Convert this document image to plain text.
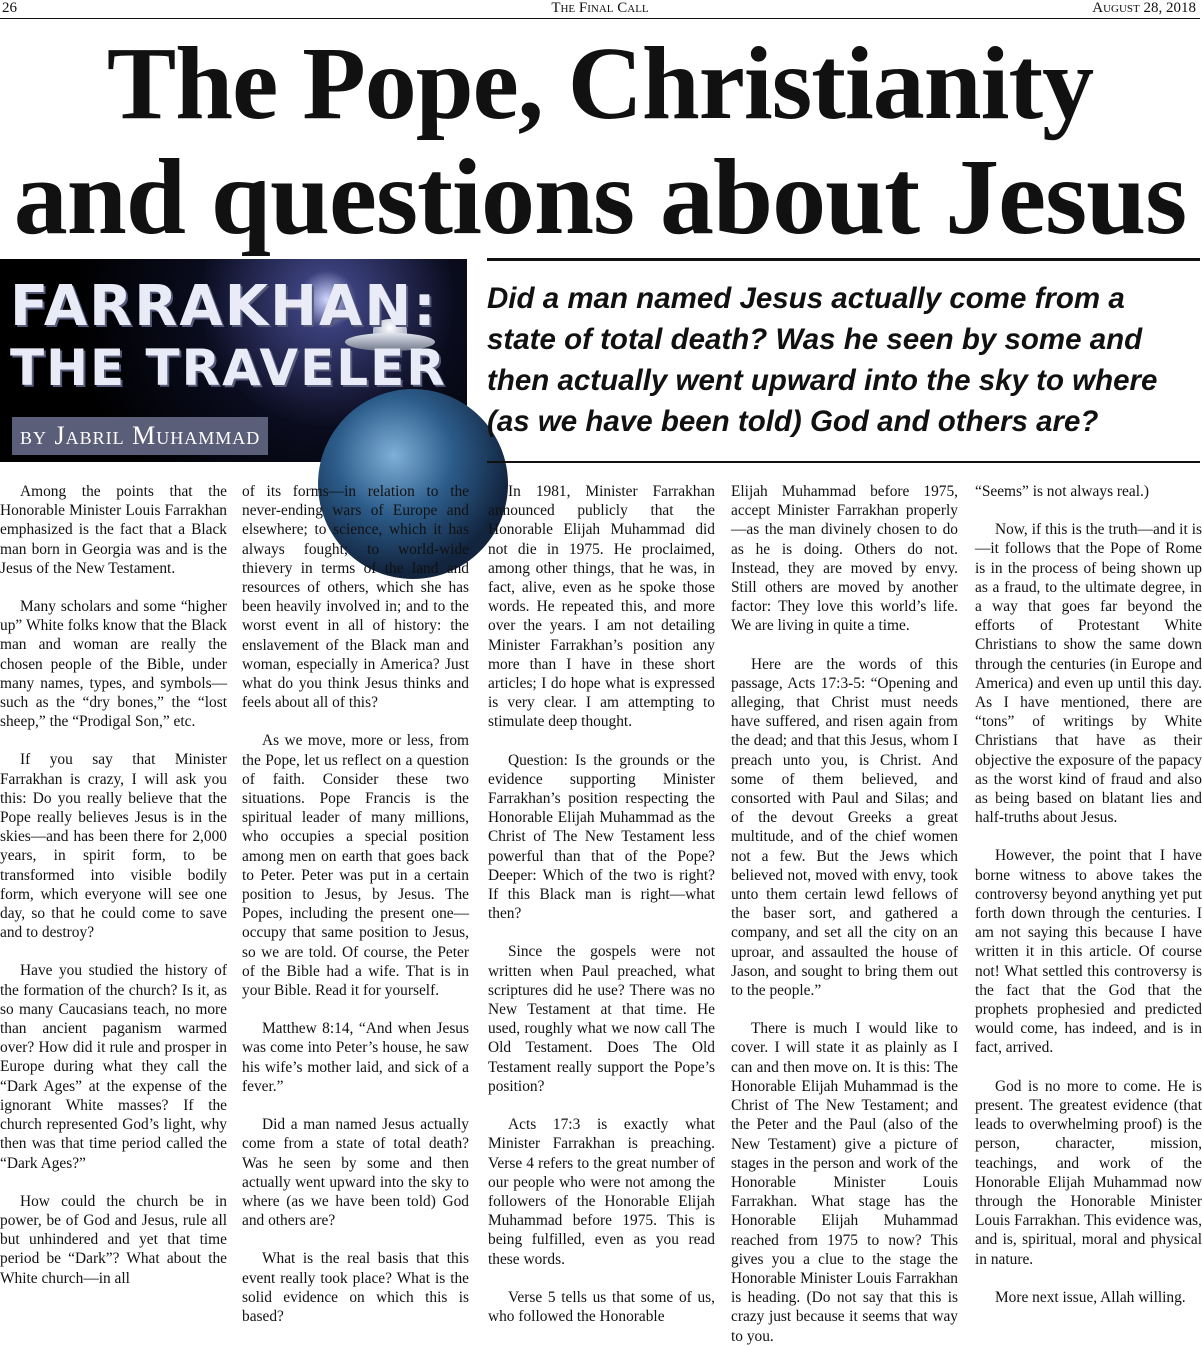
26	The Final Call	August 28, 2018
The Pope, Christianity
and questions about Jesus
FARRAKHAN:
THE TRAVELER
by Jabril Muhammad
Did a man named Jesus actually come from a state of total death? Was he seen by some and then actually went upward into the sky to where (as we have been told) God and others are?

Among the points that the Honorable Minister Louis Farrakhan emphasized is the fact that a Black man born in Georgia was and is the Jesus of the New Testament.

Many scholars and some “higher up” White folks know that the Black man and woman are really the chosen people of the Bible, under many names, types, and symbols—such as the “dry bones,” the “lost sheep,” the “Prodigal Son,” etc.

If you say that Minister Farrakhan is crazy, I will ask you this: Do you really believe that the Pope really believes Jesus is in the skies—and has been there for 2,000 years, in spirit form, to be transformed into visible bodily form, which everyone will see one day, so that he could come to save and to destroy?

Have you studied the history of the formation of the church? Is it, as so many Caucasians teach, no more than ancient paganism warmed over? How did it rule and prosper in Europe during what they call the “Dark Ages” at the expense of the ignorant White masses? If the church represented God’s light, why then was that time period called the “Dark Ages?”

How could the church be in power, be of God and Jesus, rule all but unhindered and yet that time period be “Dark”? What about the White church—in all

of its forms—in relation to the never-ending wars of Europe and elsewhere; to science, which it has always fought; to world-wide thievery in terms of the land and resources of others, which she has been heavily involved in; and to the worst event in all of history: the enslavement of the Black man and woman, especially in America? Just what do you think Jesus thinks and feels about all of this?

As we move, more or less, from the Pope, let us reflect on a question of faith. Consider these two situations. Pope Francis is the spiritual leader of many millions, who occupies a special position among men on earth that goes back to Peter. Peter was put in a certain position to Jesus, by Jesus. The Popes, including the present one—occupy that same position to Jesus, so we are told. Of course, the Peter of the Bible had a wife. That is in your Bible. Read it for yourself.

Matthew 8:14, “And when Jesus was come into Peter’s house, he saw his wife’s mother laid, and sick of a fever.”

Did a man named Jesus actually come from a state of total death? Was he seen by some and then actually went upward into the sky to where (as we have been told) God and others are?

What is the real basis that this event really took place? What is the solid evidence on which this is based?

In 1981, Minister Farrakhan announced publicly that the Honorable Elijah Muhammad did not die in 1975. He proclaimed, among other things, that he was, in fact, alive, even as he spoke those words. He repeated this, and more over the years. I am not detailing Minister Farrakhan’s position any more than I have in these short articles; I do hope what is expressed is very clear. I am attempting to stimulate deep thought.

Question: Is the grounds or the evidence supporting Minister Farrakhan’s position respecting the Honorable Elijah Muhammad as the Christ of The New Testament less powerful than that of the Pope? Deeper: Which of the two is right? If this Black man is right—what then?

Since the gospels were not written when Paul preached, what scriptures did he use? There was no New Testament at that time. He used, roughly what we now call The Old Testament. Does The Old Testament really support the Pope’s position?

Acts 17:3 is exactly what Minister Farrakhan is preaching. Verse 4 refers to the great number of our people who were not among the followers of the Honorable Elijah Muhammad before 1975. This is being fulfilled, even as you read these words.

Verse 5 tells us that some of us, who followed the Honorable

Elijah Muhammad before 1975, accept Minister Farrakhan properly—as the man divinely chosen to do as he is doing. Others do not. Instead, they are moved by envy. Still others are moved by another factor: They love this world’s life. We are living in quite a time.

Here are the words of this passage, Acts 17:3-5: “Opening and alleging, that Christ must needs have suffered, and risen again from the dead; and that this Jesus, whom I preach unto you, is Christ. And some of them believed, and consorted with Paul and Silas; and of the devout Greeks a great multitude, and of the chief women not a few. But the Jews which believed not, moved with envy, took unto them certain lewd fellows of the baser sort, and gathered a company, and set all the city on an uproar, and assaulted the house of Jason, and sought to bring them out to the people.”

There is much I would like to cover. I will state it as plainly as I can and then move on. It is this: The Honorable Elijah Muhammad is the Christ of The New Testament; and the Peter and the Paul (also of the New Testament) give a picture of stages in the person and work of the Honorable Minister Louis Farrakhan. What stage has the Honorable Elijah Muhammad reached from 1975 to now? This gives you a clue to the stage the Honorable Minister Louis Farrakhan is heading. (Do not say that this is crazy just because it seems that way to you.

“Seems” is not always real.)

Now, if this is the truth—and it is—it follows that the Pope of Rome is in the process of being shown up as a fraud, to the ultimate degree, in a way that goes far beyond the efforts of Protestant White Christians to show the same down through the centuries (in Europe and America) and even up until this day. As I have mentioned, there are “tons” of writings by White Christians that have as their objective the exposure of the papacy as the worst kind of fraud and also as being based on blatant lies and half-truths about Jesus.

However, the point that I have borne witness to above takes the controversy beyond anything yet put forth down through the centuries. I am not saying this because I have written it in this article. Of course not! What settled this controversy is the fact that the God that the prophets prophesied and predicted would come, has indeed, and is in fact, arrived.

God is no more to come. He is present. The greatest evidence (that leads to overwhelming proof) is the person, character, mission, teachings, and work of the Honorable Elijah Muhammad now through the Honorable Minister Louis Farrakhan. This evidence was, and is, spiritual, moral and physical in nature.

More next issue, Allah willing.
